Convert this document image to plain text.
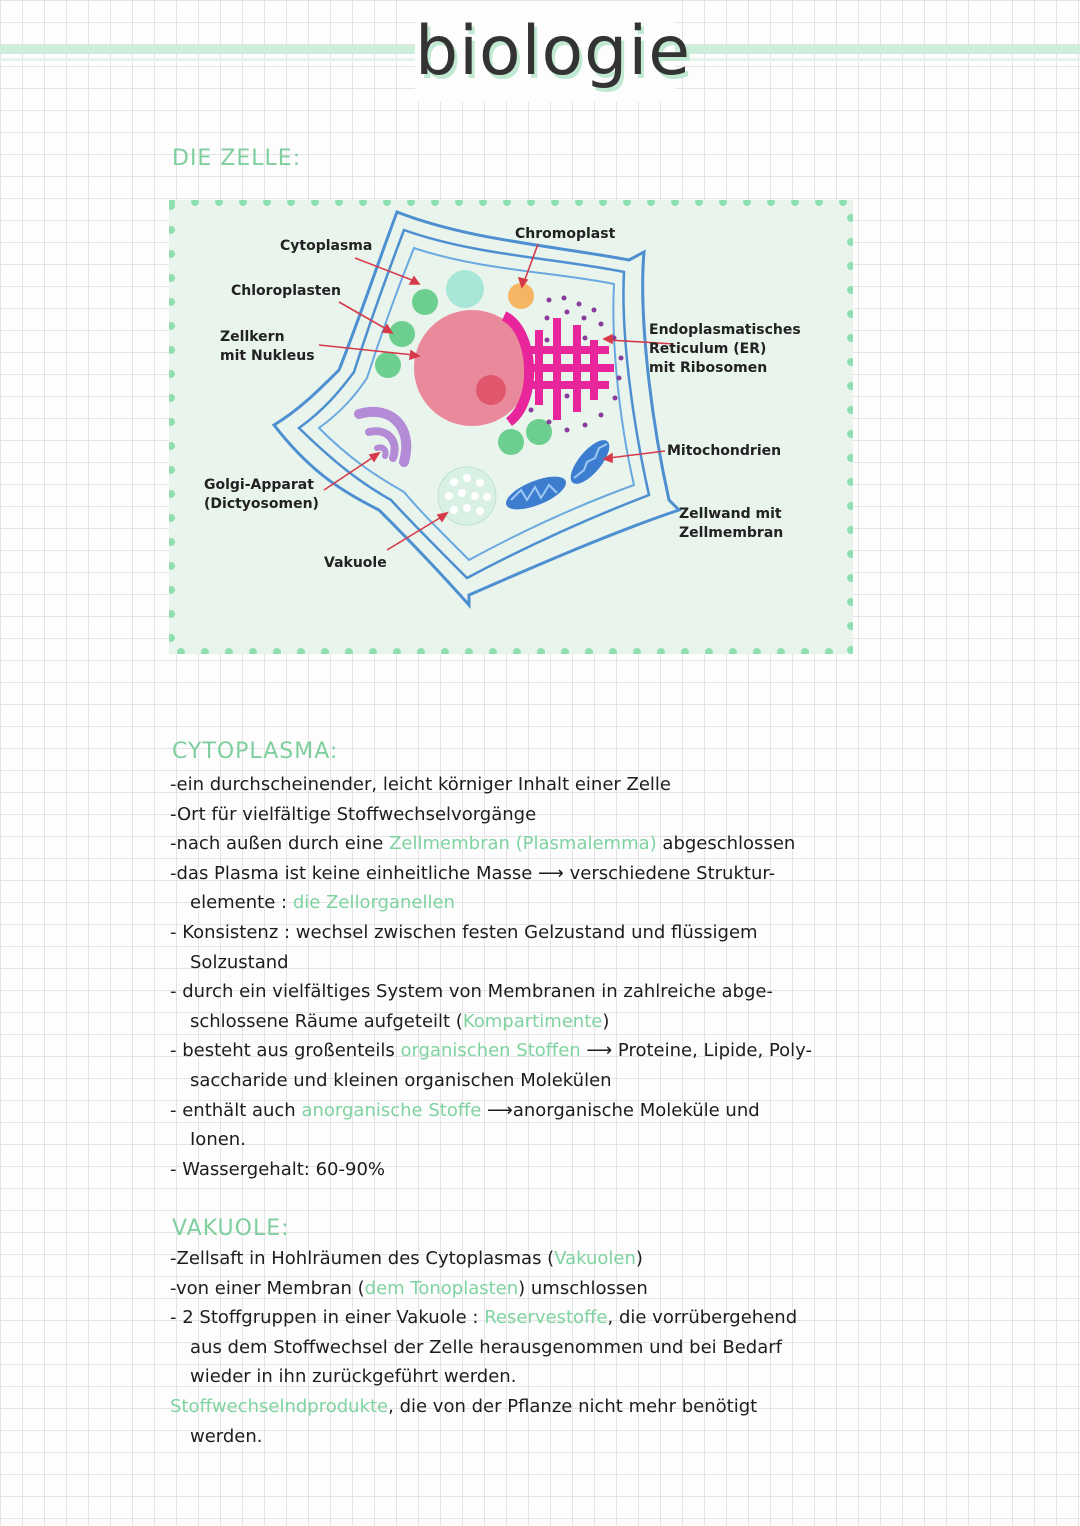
biologie
DIE ZELLE:
Cytoplasma
Chromoplast
Chloroplasten
Zellkern
mit Nukleus
Endoplasmatisches
Reticulum (ER)
mit Ribosomen
Mitochondrien
Golgi-Apparat
(Dictyosomen)
Zellwand mit
Zellmembran
Vakuole
CYTOPLASMA:
-ein durchscheinender, leicht körniger Inhalt einer Zelle
-Ort für vielfältige Stoffwechselvorgänge
-nach außen durch eine Zellmembran (Plasmalemma) abgeschlossen
-das Plasma ist keine einheitliche Masse ⟶ verschiedene Struktur-
elemente : die Zellorganellen
- Konsistenz : wechsel zwischen festen Gelzustand und flüssigem
Solzustand
- durch ein vielfältiges System von Membranen in zahlreiche abge-
schlossene Räume aufgeteilt (Kompartimente)
- besteht aus großenteils organischen Stoffen ⟶ Proteine, Lipide, Poly-
saccharide und kleinen organischen Molekülen
- enthält auch anorganische Stoffe ⟶anorganische Moleküle und
Ionen.
- Wassergehalt: 60-90%
VAKUOLE:
-Zellsaft in Hohlräumen des Cytoplasmas (Vakuolen)
-von einer Membran (dem Tonoplasten) umschlossen
- 2 Stoffgruppen in einer Vakuole : Reservestoffe, die vorrübergehend
aus dem Stoffwechsel der Zelle herausgenommen und bei Bedarf
wieder in ihn zurückgeführt werden.
Stoffwechselndprodukte, die von der Pflanze nicht mehr benötigt
werden.
